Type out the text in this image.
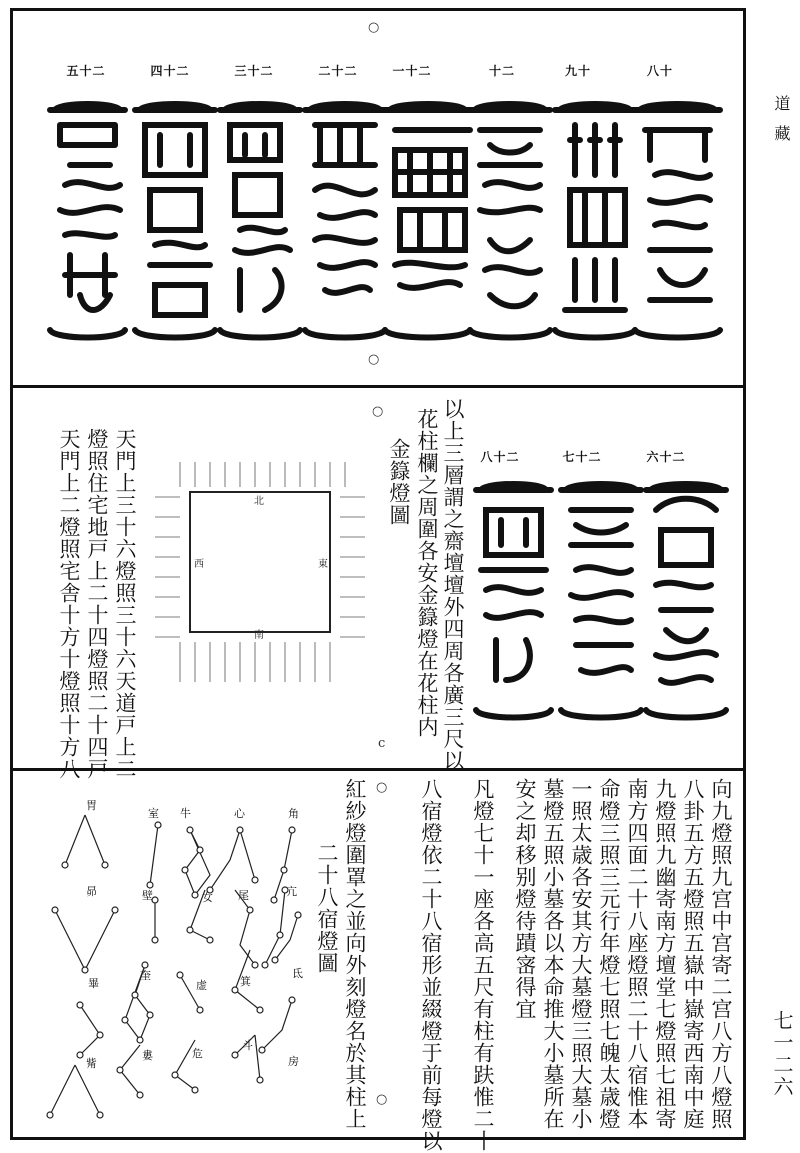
道藏
七一二六
○
○
五十二	四十二	三十二	二十二	一十二	十二	九十	八十
○
c
八十二	七十二	六十二
以上三層謂之齋壇壇外四周各廣三尺以
花柱欄之周圍各安金籙燈在花柱内
金籙燈圖
北
西	東
南
天門上三十六燈照三十六天道戸上二
燈照住宅地戸上二十四燈照二十四戸
天門上二燈照宅舎十方十燈照十方八
向九燈照九宫中宫寄二宫八方八燈照
八卦五方五燈照五嶽中嶽寄西南中庭
九燈照九幽寄南方壇堂七燈照七祖寄
南方四面二十八座燈照二十八宿惟本
命燈三照三元行年燈七照七魄太歳燈
一照太歳各安其方大墓燈三照大墓小
墓燈五照小墓各以本命推大小墓所在
安之却移别燈待蹟宻得宜
凡燈七十一座各高五尺有柱有趺惟二十
八宿燈依二十八宿形並綴燈于前每燈以
紅紗燈圍罩之並向外刻燈名於其柱上
二十八宿燈圖
○
○
角
亢
氐
房
心
尾
箕
斗
牛
女
虚
危
室
壁
奎
婁
胃
昴
畢
觜
